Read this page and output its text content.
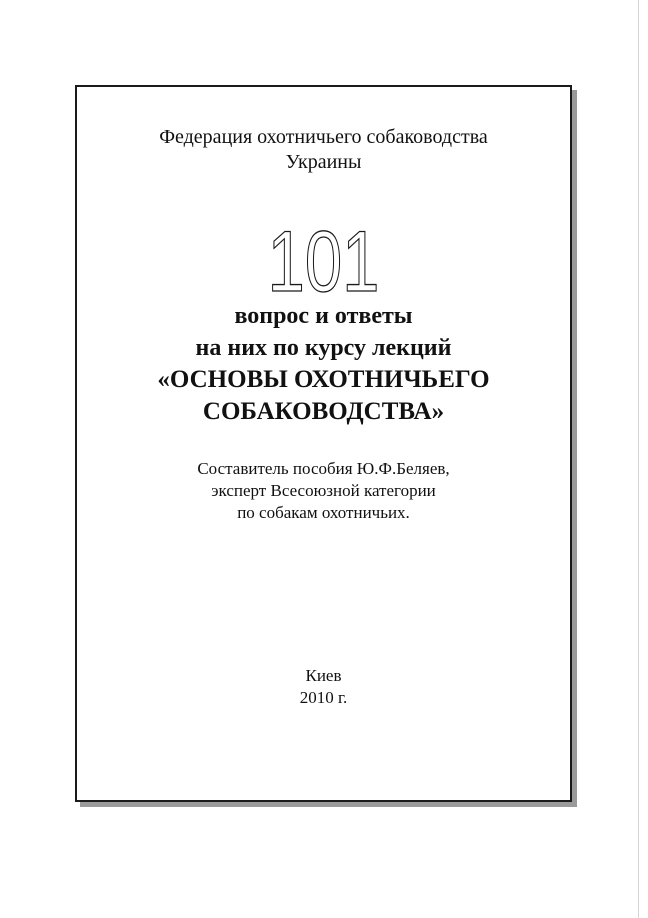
Федерация охотничьего собаководства
Украины
101
вопрос и ответы
на них по курсу лекций
«ОСНОВЫ ОХОТНИЧЬЕГО
СОБАКОВОДСТВА»
Составитель пособия Ю.Ф.Беляев,
эксперт Всесоюзной категории
по собакам охотничьих.
Киев
2010 г.
